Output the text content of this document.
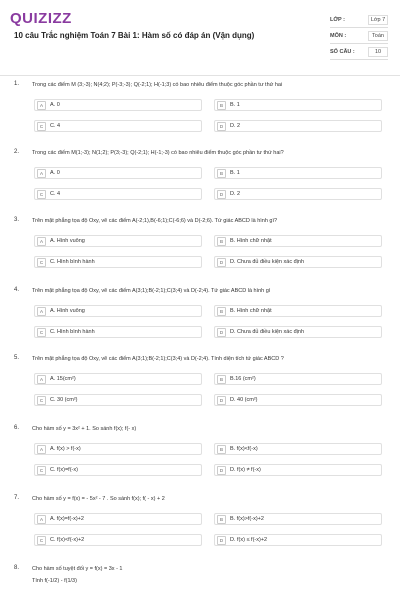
QUIZIZZ
10 câu Trắc nghiệm Toán 7 Bài 1: Hàm số có đáp án (Vận dụng)
LỚP :	Lớp 7
MÔN :	Toán
SỐ CÂU :	10
1. Trong các điểm M (3;-3); N(4;2); P(-3;-3); Q(-2;1); H(-1;3) có bao nhiêu điểm thuộc góc phần tư thứ hai
A	A. 0	B	B. 1
C	C. 4	D	D. 2
2. Trong các điểm M(1;-3); N(1;2); P(3;-3); Q(-2;1); H(-1;-3) có bao nhiêu điểm thuộc góc phần tư thứ hai?
A	A. 0	B	B. 1
C	C. 4	D	D. 2
3. Trên mặt phẳng tọa độ Oxy, vẽ các điểm A(-2;1),B(-6;1);C(-6;6) và D(-2;6). Tứ giác ABCD là hình gì?
A	A. Hình vuông	B	B. Hình chữ nhật
C	C. Hình bình hành	D	D. Chưa đủ điều kiện xác định
4. Trên mặt phẳng tọa độ Oxy, vẽ các điểm A(3;1);B(-2;1);C(3;4) và D(-2;4). Tứ giác ABCD là hình gì
A	A. Hình vuông	B	B. Hình chữ nhật
C	C. Hình bình hành	D	D. Chưa đủ điều kiện xác định
5. Trên mặt phẳng tọa độ Oxy, vẽ các điểm A(3;1);B(-2;1);C(3;4) và D(-2;4). Tính diện tích tứ giác ABCD ?
A	A. 15(cm²)	B	B.16 (cm²)
C	C. 30 (cm²)	D	D. 40 (cm²)
6. Cho hàm số y = 3x² + 1. So sánh f(x); f(- x)
A	A. f(x) > f(-x)	B	B. f(x)<f(-x)
C	C. f(x)=f(-x)	D	D. f(x) ≠ f(-x)
7. Cho hàm số y = f(x) = - 5x² - 7 . So sánh f(x); f( - x) + 2
A	A. f(x)=f(-x)+2	B	B. f(x)>f(-x)+2
C	C. f(x)<f(-x)+2	D	D. f(x) ≤ f(-x)+2
8. Cho hàm số tuyệt đối y = f(x) = 3x - 1
Tính f(-1/2) - f(1/3)
